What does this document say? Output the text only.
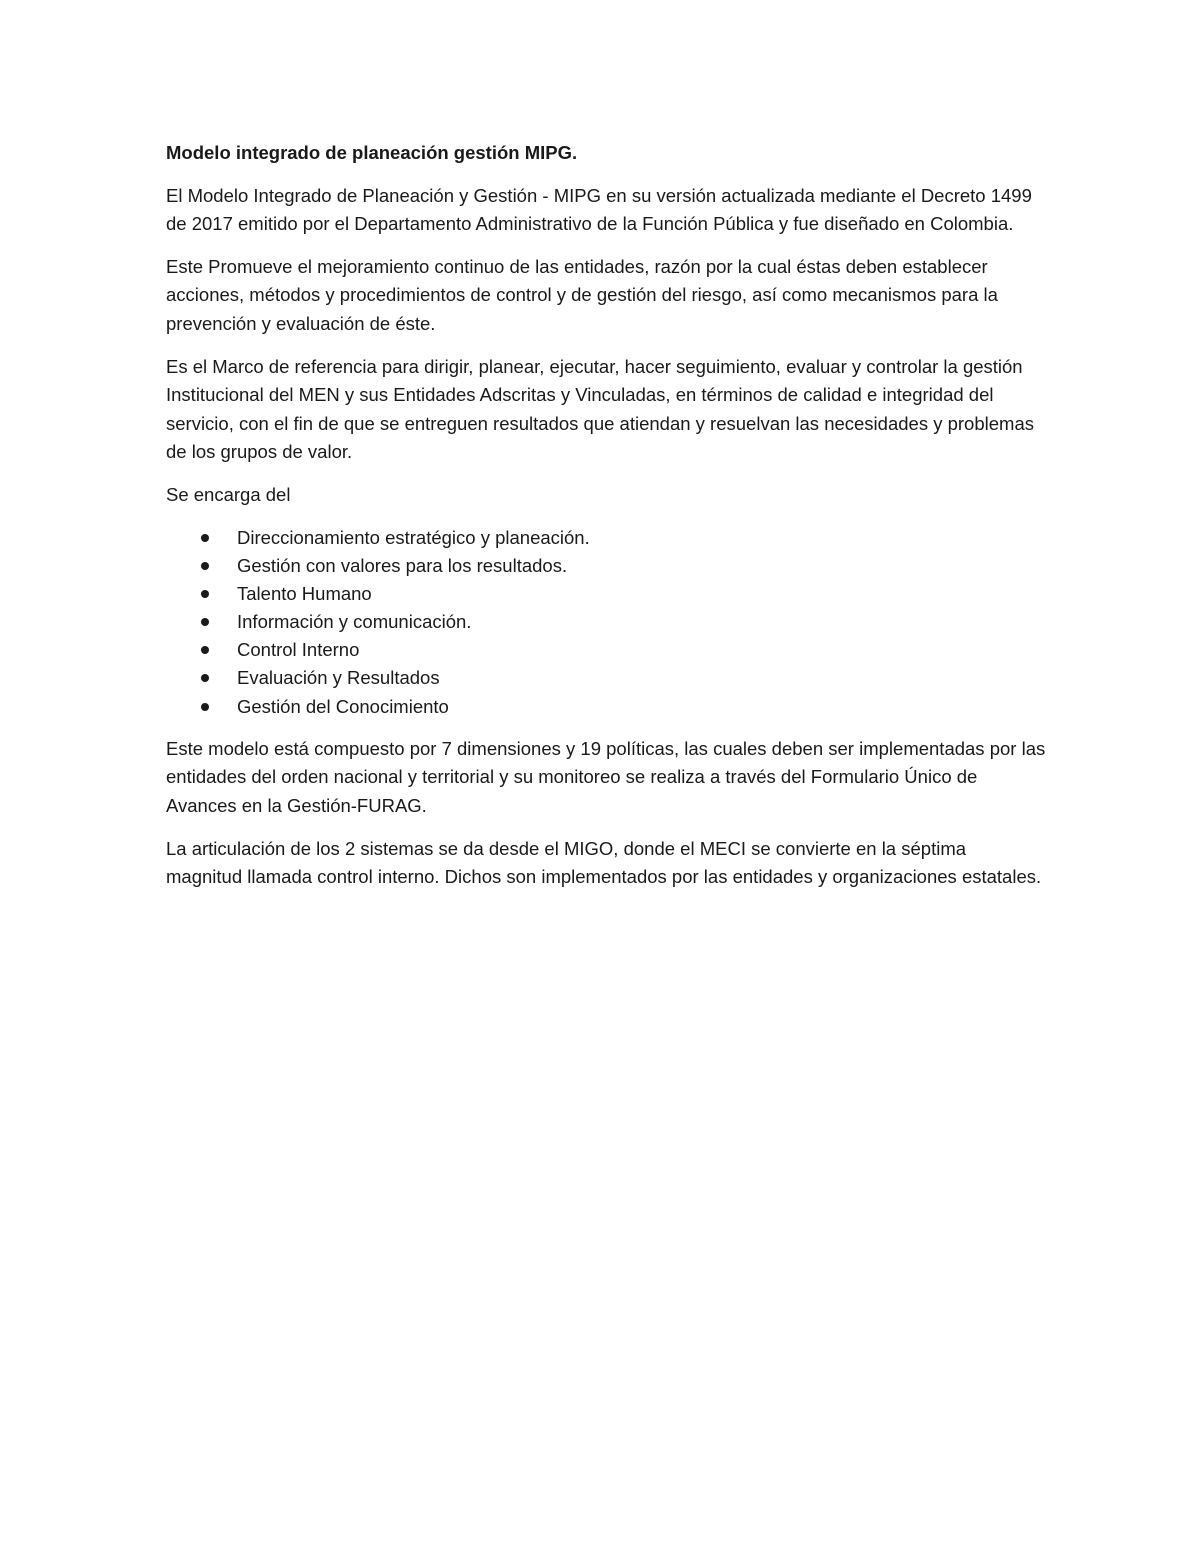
Modelo integrado de planeación gestión MIPG.

El Modelo Integrado de Planeación y Gestión - MIPG en su versión actualizada mediante el Decreto 1499 de 2017 emitido por el Departamento Administrativo de la Función Pública y fue diseñado en Colombia.

Este Promueve el mejoramiento continuo de las entidades, razón por la cual éstas deben establecer acciones, métodos y procedimientos de control y de gestión del riesgo, así como mecanismos para la prevención y evaluación de éste.

Es el Marco de referencia para dirigir, planear, ejecutar, hacer seguimiento, evaluar y controlar la gestión Institucional del MEN y sus Entidades Adscritas y Vinculadas, en términos de calidad e integridad del servicio, con el fin de que se entreguen resultados que atiendan y resuelvan las necesidades y problemas de los grupos de valor.

Se encarga del

Direccionamiento estratégico y planeación.
Gestión con valores para los resultados.
Talento Humano
Información y comunicación.
Control Interno
Evaluación y Resultados
Gestión del Conocimiento

Este modelo está compuesto por 7 dimensiones y 19 políticas, las cuales deben ser implementadas por las entidades del orden nacional y territorial y su monitoreo se realiza a través del Formulario Único de Avances en la Gestión-FURAG.

La articulación de los 2 sistemas se da desde el MIGO, donde el MECI se convierte en la séptima magnitud llamada control interno. Dichos son implementados por las entidades y organizaciones estatales.
